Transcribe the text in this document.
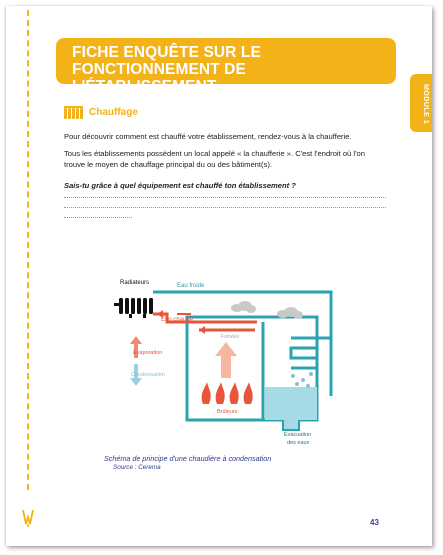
FICHE ENQUÊTE SUR LE FONCTIONNEMENT DE L'ÉTABLISSEMENT	MODULE 1
Chauffage
Pour découvrir comment est chauffé votre établissement, rendez-vous à la chaufferie.
Tous les établissements possèdent un local appelé « la chaufferie ». C'est l'endroit où l'on trouve le moyen de chauffage principal du ou des bâtiment(s).
Sais-tu grâce à quel équipement est chauffé ton établissement ?
Radiateurs	Eau froide
Eau chaude
Fumées
Évaporation
Condensation
Brûleurs
Évacuation
des eaux
Schéma de principe d'une chaudière à condensation
Source : Cerema
43
